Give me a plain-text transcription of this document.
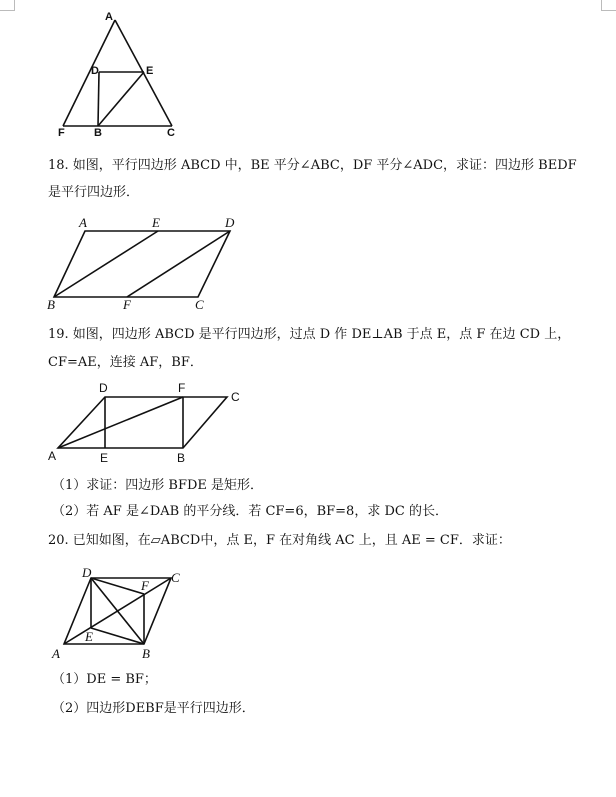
A
D	E
F	B	C
18. 如图，平行四边形 ABCD 中，BE 平分∠ABC，DF 平分∠ADC，求证：四边形 BEDF
是平行四边形．
A	E	D
B	F	C
19. 如图，四边形 ABCD 是平行四边形，过点 D 作 DE⊥AB 于点 E，点 F 在边 CD 上，
CF=AE，连接 AF，BF．
D	F
C
A	E	B
（1）求证：四边形 BFDE 是矩形．
（2）若 AF 是∠DAB 的平分线．若 CF=6，BF=8，求 DC 的长．
20. 已知如图，在▱ABCD中，点 E，F 在对角线 AC 上，且 AE = CF．求证：
D
F
C
E
A	B
（1）DE = BF；
（2）四边形DEBF是平行四边形．
